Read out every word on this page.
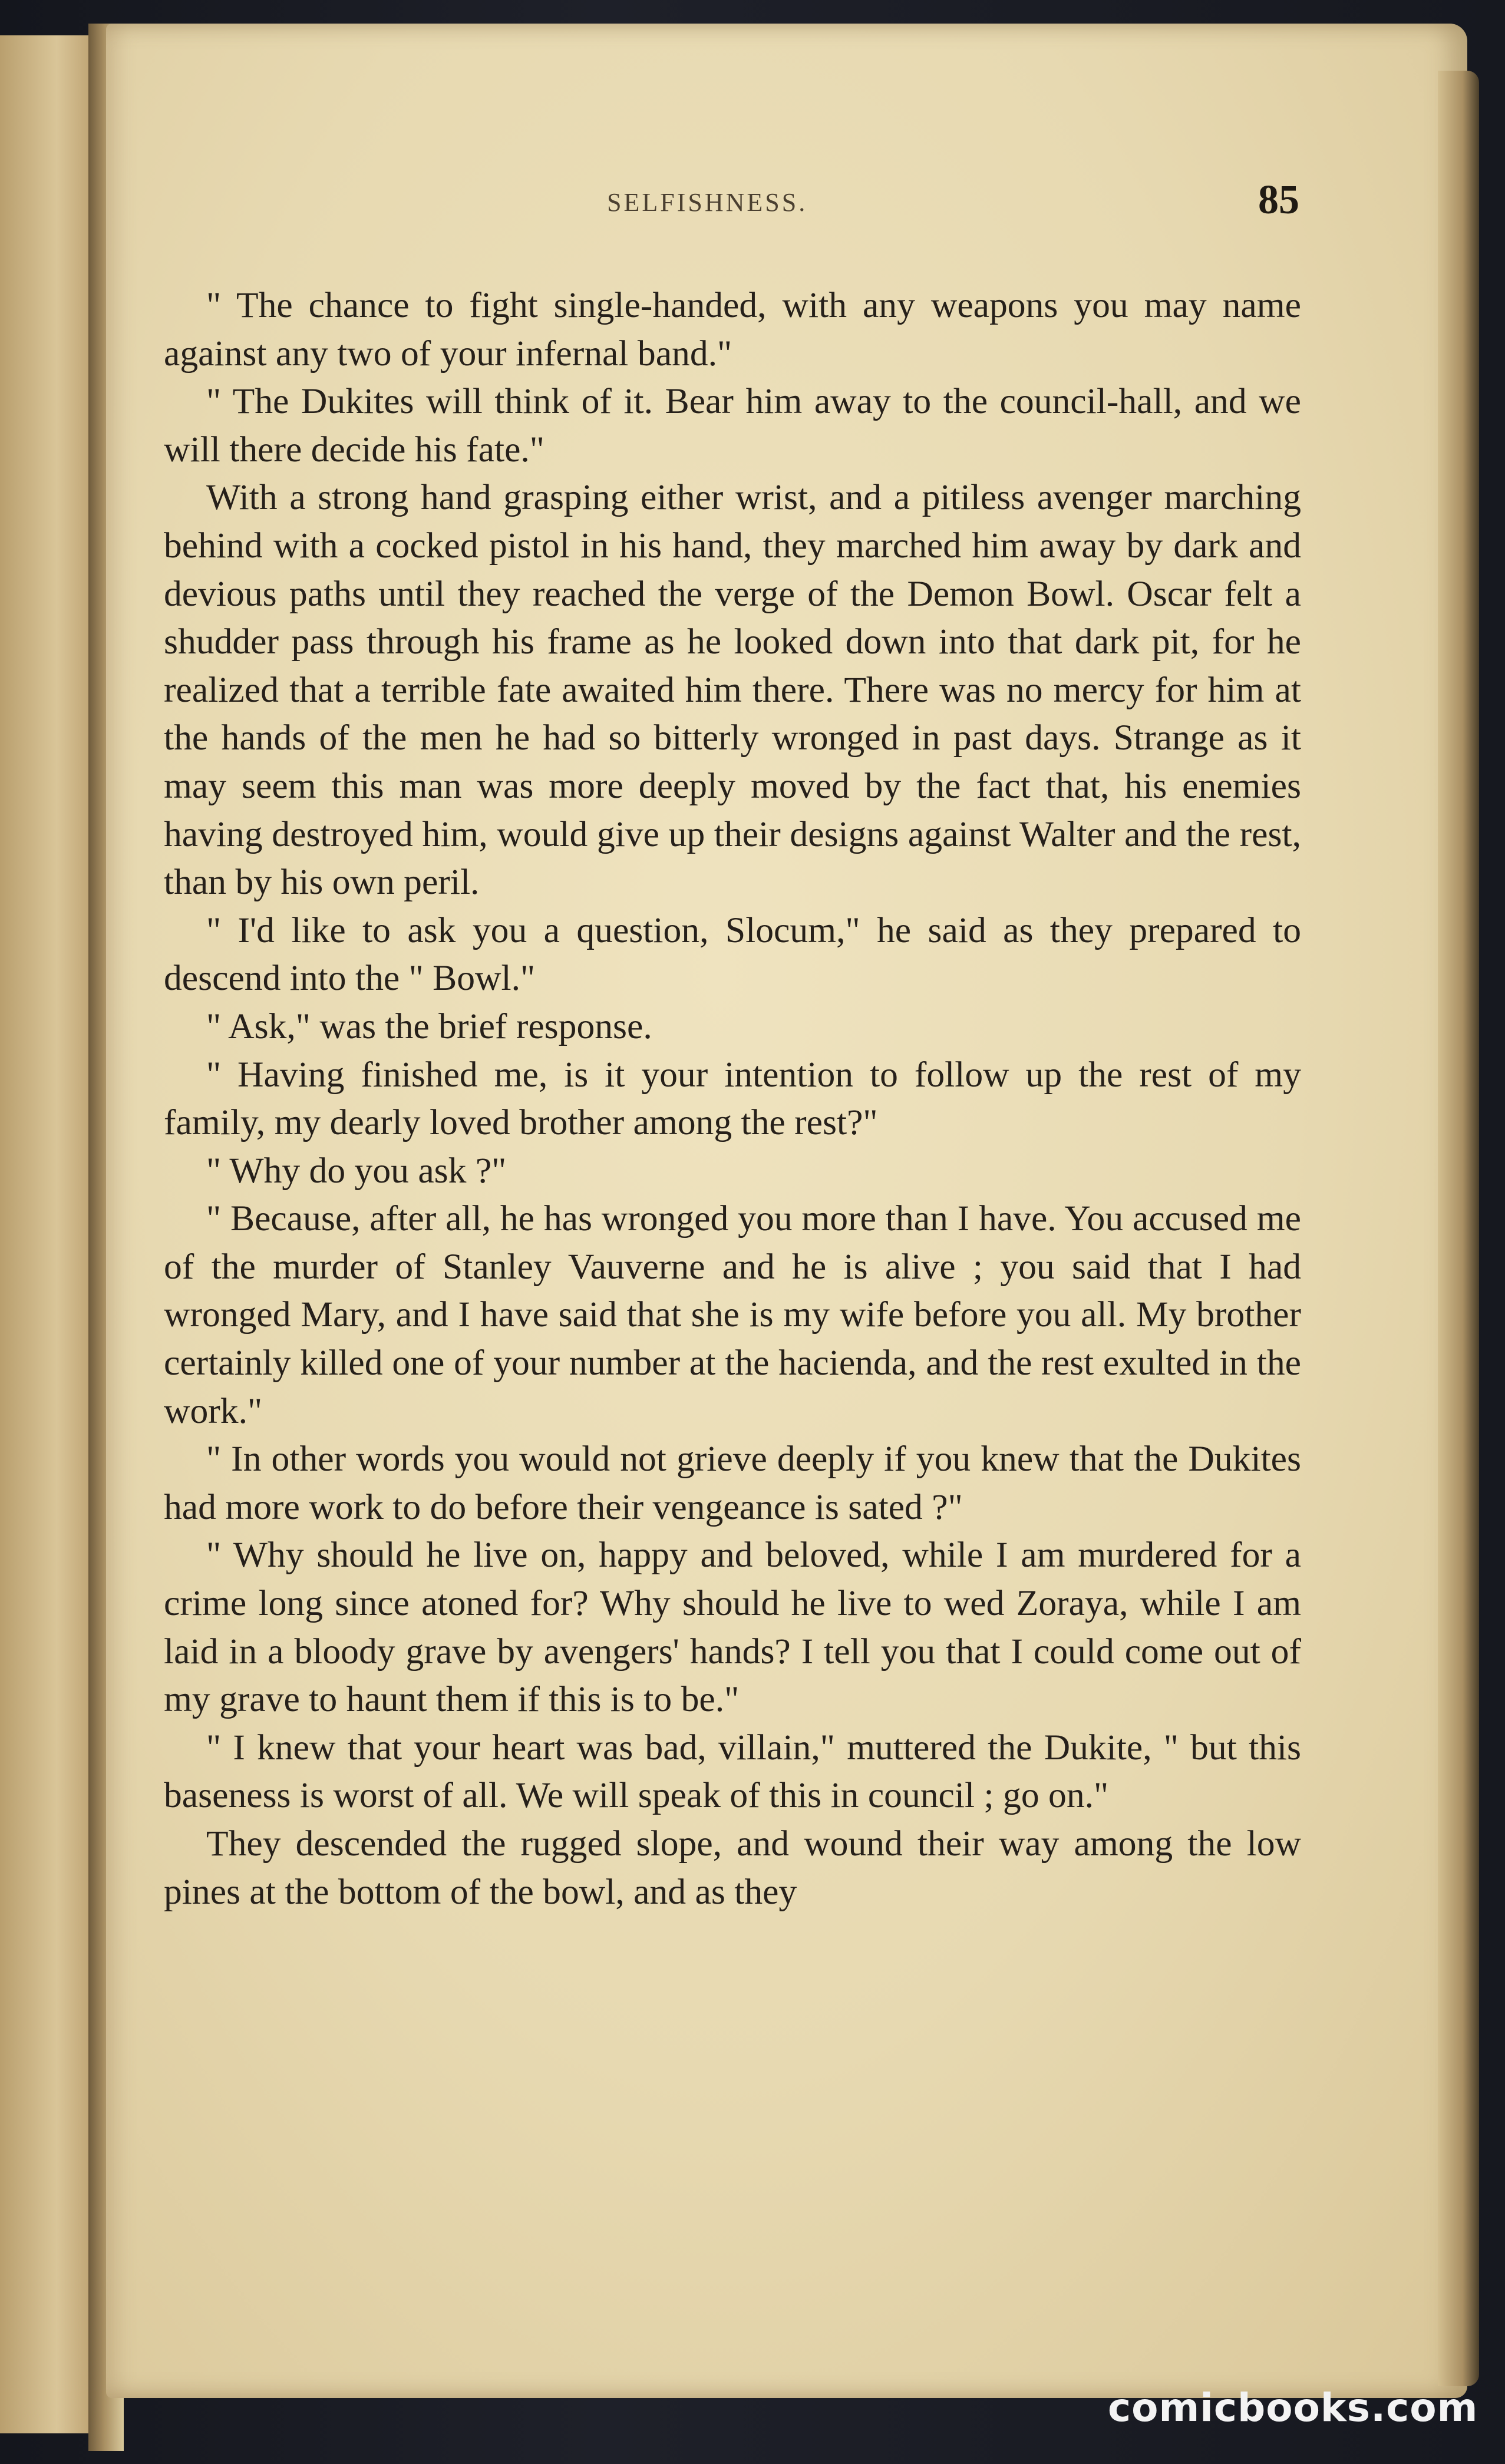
SELFISHNESS.	85

" The chance to fight single-handed, with any weapons you may name against any two of your infernal band."

" The Dukites will think of it. Bear him away to the council-hall, and we will there decide his fate."

With a strong hand grasping either wrist, and a pitiless avenger marching behind with a cocked pistol in his hand, they marched him away by dark and devious paths until they reached the verge of the Demon Bowl. Oscar felt a shudder pass through his frame as he looked down into that dark pit, for he realized that a terrible fate awaited him there. There was no mercy for him at the hands of the men he had so bitterly wronged in past days. Strange as it may seem this man was more deeply moved by the fact that, his enemies having destroyed him, would give up their designs against Walter and the rest, than by his own peril.

" I'd like to ask you a question, Slocum," he said as they prepared to descend into the " Bowl."

" Ask," was the brief response.

" Having finished me, is it your intention to follow up the rest of my family, my dearly loved brother among the rest?"

" Why do you ask ?"

" Because, after all, he has wronged you more than I have. You accused me of the murder of Stanley Vauverne and he is alive ; you said that I had wronged Mary, and I have said that she is my wife before you all. My brother certainly killed one of your number at the hacienda, and the rest exulted in the work."

" In other words you would not grieve deeply if you knew that the Dukites had more work to do before their vengeance is sated ?"

" Why should he live on, happy and beloved, while I am murdered for a crime long since atoned for? Why should he live to wed Zoraya, while I am laid in a bloody grave by avengers' hands? I tell you that I could come out of my grave to haunt them if this is to be."

" I knew that your heart was bad, villain," muttered the Dukite, " but this baseness is worst of all. We will speak of this in council ; go on."

They descended the rugged slope, and wound their way among the low pines at the bottom of the bowl, and as they

comicbooks.com
